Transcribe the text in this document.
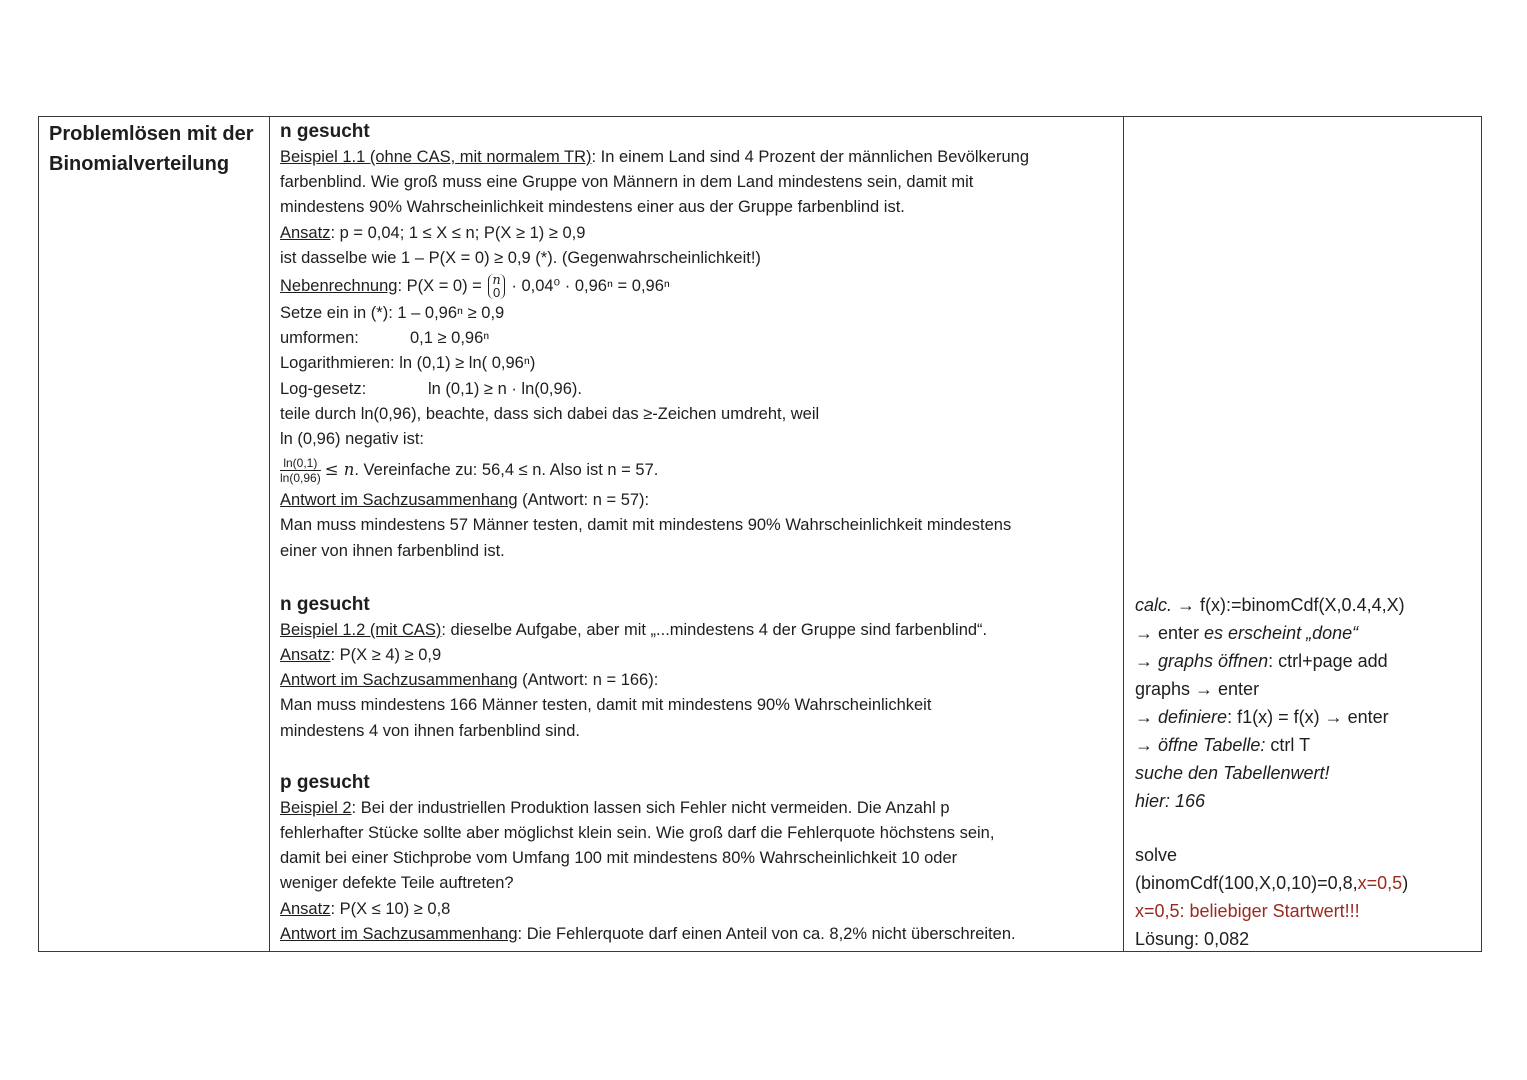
Problemlösen mit der Binomialverteilung
n gesucht
Beispiel 1.1 (ohne CAS, mit normalem TR): In einem Land sind 4 Prozent der männlichen Bevölkerung
farbenblind. Wie groß muss eine Gruppe von Männern in dem Land mindestens sein, damit mit
mindestens 90% Wahrscheinlichkeit mindestens einer aus der Gruppe farbenblind ist.
Ansatz: p = 0,04; 1 ≤ X ≤ n; P(X ≥ 1) ≥ 0,9
ist dasselbe wie 1 – P(X = 0) ≥ 0,9 (*). (Gegenwahrscheinlichkeit!)
Nebenrechnung: P(X = 0) = n
0 · 0,04⁰ · 0,96ⁿ = 0,96ⁿ
Setze ein in (*): 1 – 0,96ⁿ ≥ 0,9
umformen:	0,1 ≥ 0,96ⁿ
Logarithmieren: ln (0,1) ≥ ln( 0,96ⁿ)
Log-gesetz:	ln (0,1) ≥ n · ln(0,96).
teile durch ln(0,96), beachte, dass sich dabei das ≥-Zeichen umdreht, weil
ln (0,96) negativ ist:
$\frac{\ln(0,1)}{\ln(0,96)} \le n$. Vereinfache zu: 56,4 ≤ n. Also ist n = 57.
Antwort im Sachzusammenhang (Antwort: n = 57):
Man muss mindestens 57 Männer testen, damit mit mindestens 90% Wahrscheinlichkeit mindestens
einer von ihnen farbenblind ist.
n gesucht
Beispiel 1.2 (mit CAS): dieselbe Aufgabe, aber mit „...mindestens 4 der Gruppe sind farbenblind“.
Ansatz: P(X ≥ 4) ≥ 0,9
Antwort im Sachzusammenhang (Antwort: n = 166):
Man muss mindestens 166 Männer testen, damit mit mindestens 90% Wahrscheinlichkeit
mindestens 4 von ihnen farbenblind sind.
p gesucht
Beispiel 2: Bei der industriellen Produktion lassen sich Fehler nicht vermeiden. Die Anzahl p
fehlerhafter Stücke sollte aber möglichst klein sein. Wie groß darf die Fehlerquote höchstens sein,
damit bei einer Stichprobe vom Umfang 100 mit mindestens 80% Wahrscheinlichkeit 10 oder
weniger defekte Teile auftreten?
Ansatz: P(X ≤ 10) ≥ 0,8
Antwort im Sachzusammenhang: Die Fehlerquote darf einen Anteil von ca. 8,2% nicht überschreiten.
calc. → f(x):=binomCdf(X,0.4,4,X)
→ enter es erscheint „done“
→ graphs öffnen: ctrl+page add
graphs → enter
→ definiere: f1(x) = f(x) → enter
→ öffne Tabelle: ctrl T
suche den Tabellenwert!
hier: 166
solve
(binomCdf(100,X,0,10)=0,8,x=0,5)
x=0,5: beliebiger Startwert!!!
Lösung: 0,082
